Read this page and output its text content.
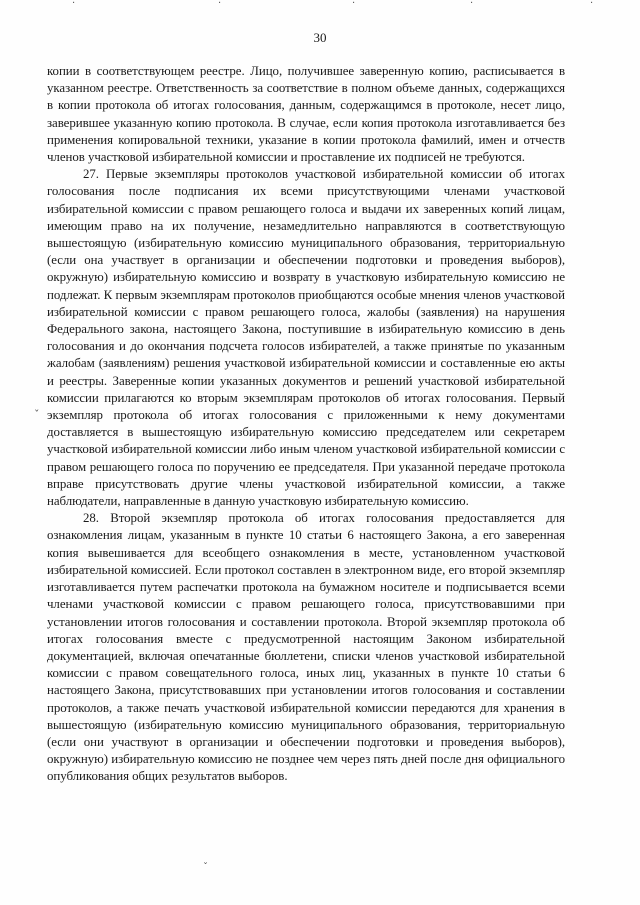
·	·	·	·	·
30

копии в соответствующем реестре. Лицо, получившее заверенную копию, расписывается в указанном реестре. Ответственность за соответствие в полном объеме данных, содержащихся в копии протокола об итогах голосования, данным, содержащимся в протоколе, несет лицо, заверившее указанную копию протокола. В случае, если копия протокола изготавливается без применения копировальной техники, указание в копии протокола фамилий, имен и отчеств членов участковой избирательной комиссии и проставление их подписей не требуются.

27. Первые экземпляры протоколов участковой избирательной комиссии об итогах голосования после подписания их всеми присутствующими членами участковой избирательной комиссии с правом решающего голоса и выдачи их заверенных копий лицам, имеющим право на их получение, незамедлительно направляются в соответствующую вышестоящую (избирательную комиссию муниципального образования, территориальную (если она участвует в организации и обеспечении подготовки и проведения выборов), окружную) избирательную комиссию и возврату в участковую избирательную комиссию не подлежат. К первым экземплярам протоколов приобщаются особые мнения членов участковой избирательной комиссии с правом решающего голоса, жалобы (заявления) на нарушения Федерального закона, настоящего Закона, поступившие в избирательную комиссию в день голосования и до окончания подсчета голосов избирателей, а также принятые по указанным жалобам (заявлениям) решения участковой избирательной комиссии и составленные ею акты и реестры. Заверенные копии указанных документов и решений участковой избирательной комиссии прилагаются ко вторым экземплярам протоколов об итогах голосования. Первый экземпляр протокола об итогах голосования с приложенными к нему документами доставляется в вышестоящую избирательную комиссию председателем или секретарем участковой избирательной комиссии либо иным членом участковой избирательной комиссии с правом решающего голоса по поручению ее председателя. При указанной передаче протокола вправе присутствовать другие члены участковой избирательной комиссии, а также наблюдатели, направленные в данную участковую избирательную комиссию.

28. Второй экземпляр протокола об итогах голосования предоставляется для ознакомления лицам, указанным в пункте 10 статьи 6 настоящего Закона, а его заверенная копия вывешивается для всеобщего ознакомления в месте, установленном участковой избирательной комиссией. Если протокол составлен в электронном виде, его второй экземпляр изготавливается путем распечатки протокола на бумажном носителе и подписывается всеми членами участковой комиссии с правом решающего голоса, присутствовавшими при установлении итогов голосования и составлении протокола. Второй экземпляр протокола об итогах голосования вместе с предусмотренной настоящим Законом избирательной документацией, включая опечатанные бюллетени, списки членов участковой избирательной комиссии с правом совещательного голоса, иных лиц, указанных в пункте 10 статьи 6 настоящего Закона, присутствовавших при установлении итогов голосования и составлении протоколов, а также печать участковой избирательной комиссии передаются для хранения в вышестоящую (избирательную комиссию муниципального образования, территориальную (если они участвуют в организации и обеспечении подготовки и проведения выборов), окружную) избирательную комиссию не позднее чем через пять дней после дня официального опубликования общих результатов выборов.

ˇ
ˇ
